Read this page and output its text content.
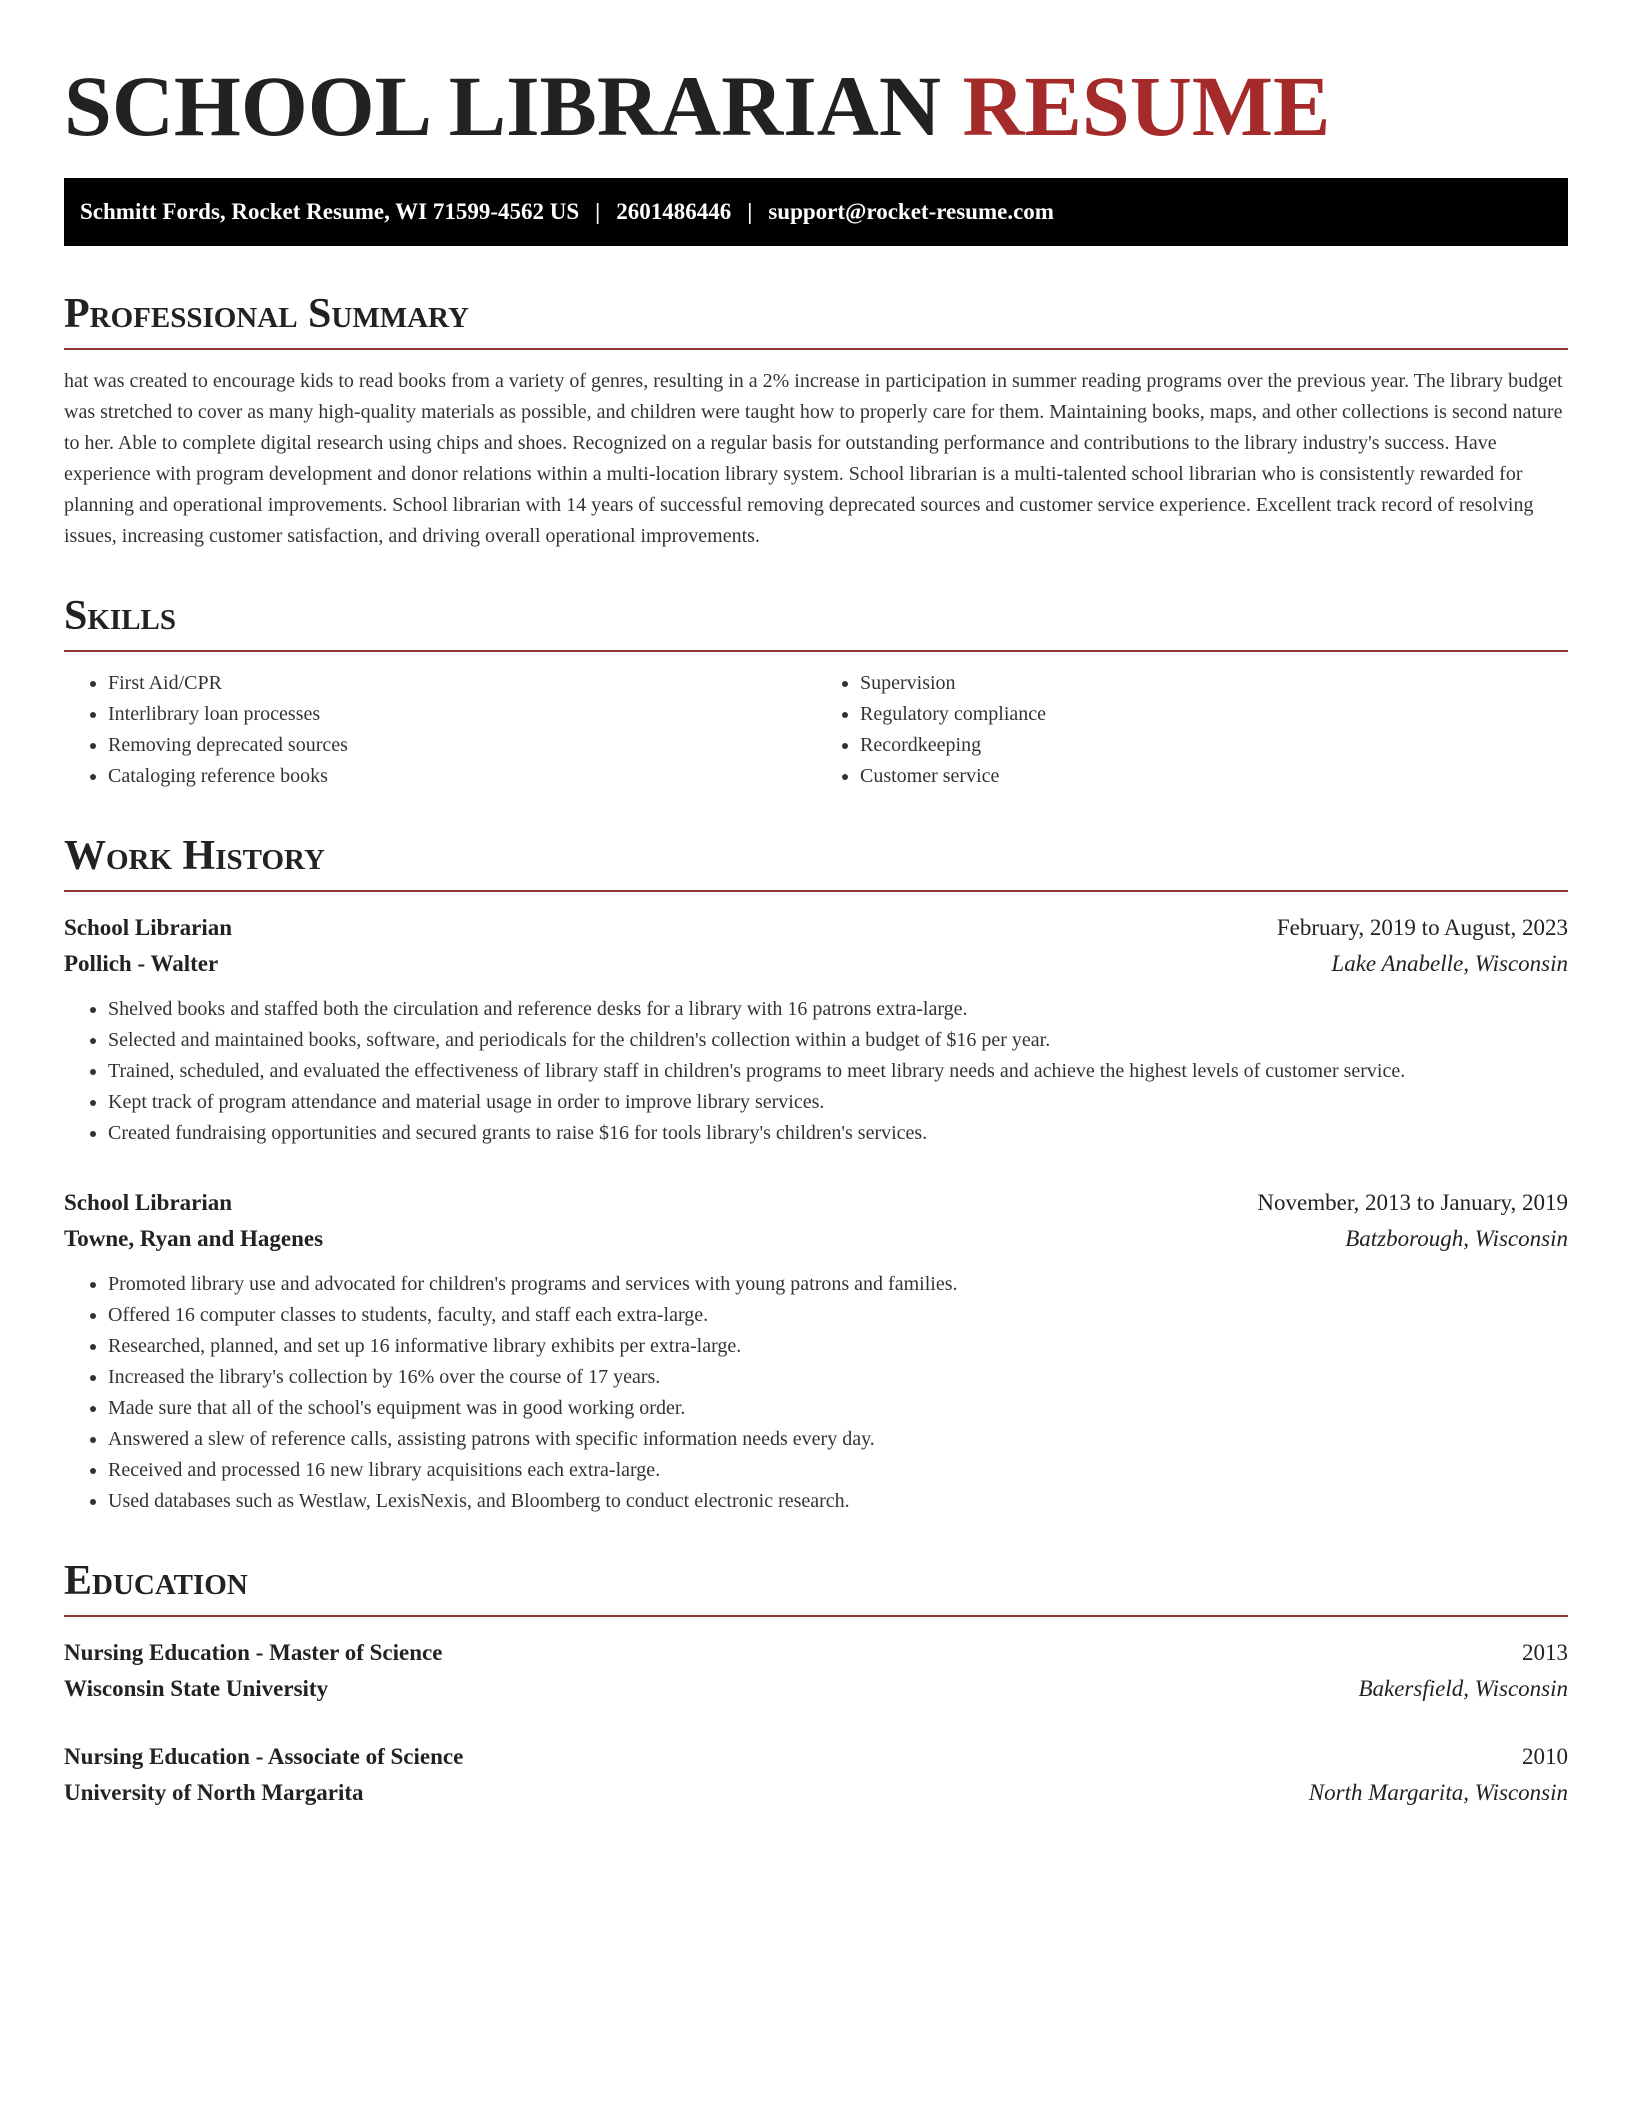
SCHOOL LIBRARIAN RESUME
Schmitt Fords, Rocket Resume, WI 71599-4562 US | 2601486446 | support@rocket-resume.com
Professional Summary

hat was created to encourage kids to read books from a variety of genres, resulting in a 2% increase in participation in summer reading programs over the previous year. The library budget was stretched to cover as many high-quality materials as possible, and children were taught how to properly care for them. Maintaining books, maps, and other collections is second nature to her. Able to complete digital research using chips and shoes. Recognized on a regular basis for outstanding performance and contributions to the library industry's success. Have experience with program development and donor relations within a multi-location library system. School librarian is a multi-talented school librarian who is consistently rewarded for planning and operational improvements. School librarian with 14 years of successful removing deprecated sources and customer service experience. Excellent track record of resolving issues, increasing customer satisfaction, and driving overall operational improvements.

Skills
• First Aid/CPR
• Interlibrary loan processes
• Removing deprecated sources
• Cataloging reference books
• Supervision
• Regulatory compliance
• Recordkeeping
• Customer service
Work History
School Librarian	February, 2019 to August, 2023
Pollich - Walter	Lake Anabelle, Wisconsin
• Shelved books and staffed both the circulation and reference desks for a library with 16 patrons extra-large.
• Selected and maintained books, software, and periodicals for the children's collection within a budget of $16 per year.
• Trained, scheduled, and evaluated the effectiveness of library staff in children's programs to meet library needs and achieve the highest levels of customer service.
• Kept track of program attendance and material usage in order to improve library services.
• Created fundraising opportunities and secured grants to raise $16 for tools library's children's services.
School Librarian	November, 2013 to January, 2019
Towne, Ryan and Hagenes	Batzborough, Wisconsin
• Promoted library use and advocated for children's programs and services with young patrons and families.
• Offered 16 computer classes to students, faculty, and staff each extra-large.
• Researched, planned, and set up 16 informative library exhibits per extra-large.
• Increased the library's collection by 16% over the course of 17 years.
• Made sure that all of the school's equipment was in good working order.
• Answered a slew of reference calls, assisting patrons with specific information needs every day.
• Received and processed 16 new library acquisitions each extra-large.
• Used databases such as Westlaw, LexisNexis, and Bloomberg to conduct electronic research.
Education
Nursing Education - Master of Science	2013
Wisconsin State University	Bakersfield, Wisconsin
Nursing Education - Associate of Science	2010
University of North Margarita	North Margarita, Wisconsin
